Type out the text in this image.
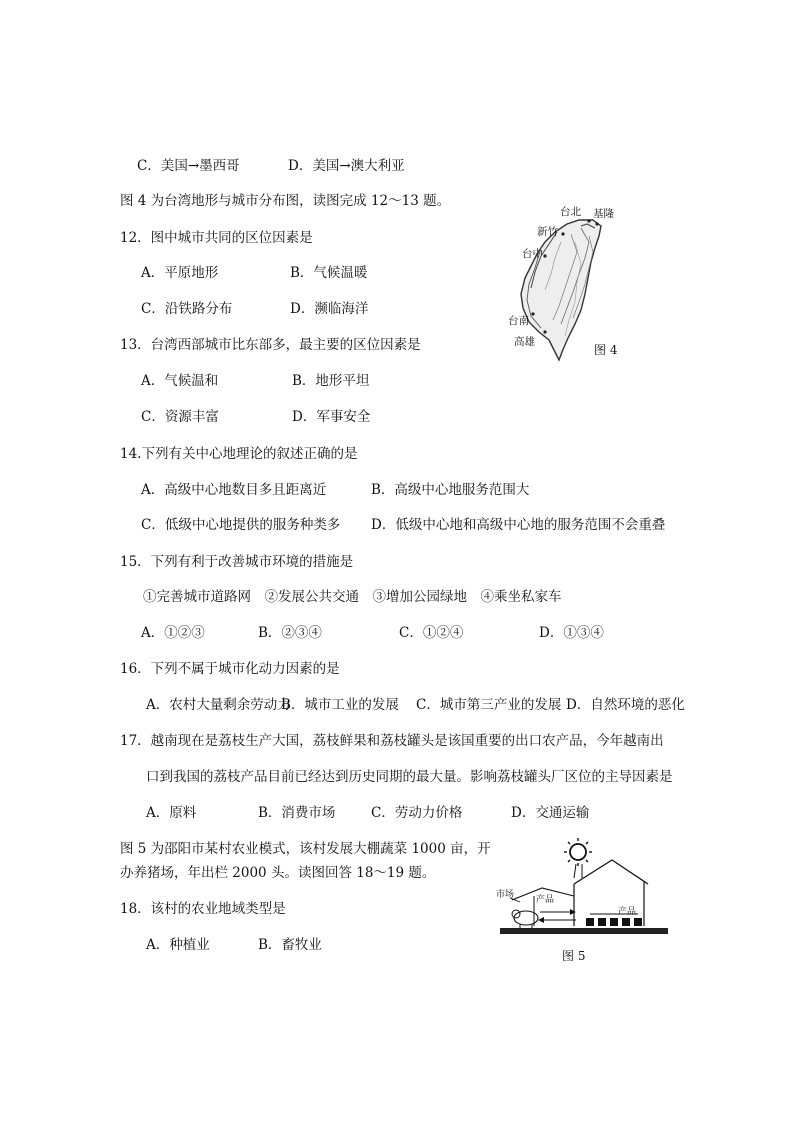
C．美国→墨西哥	D．美国→澳大利亚
图 4 为台湾地形与城市分布图，读图完成 12～13 题。
12．图中城市共同的区位因素是
A．平原地形	B．气候温暖
C．沿铁路分布	D．濒临海洋
13．台湾西部城市比东部多，最主要的区位因素是
A．气候温和	B．地形平坦
C．资源丰富	D．军事安全
台北 基隆
新竹
台中
台南
高雄
图 4
14.下列有关中心地理论的叙述正确的是
A．高级中心地数目多且距离近	B．高级中心地服务范围大
C．低级中心地提供的服务种类多 D．低级中心地和高级中心地的服务范围不会重叠
15．下列有利于改善城市环境的措施是
①完善城市道路网　②发展公共交通　③增加公园绿地　④乘坐私家车
A．①②③	B．②③④	C．①②④	D．①③④
16．下列不属于城市化动力因素的是
A．农村大量剩余劳动力
B．城市工业的发展 C．城市第三产业的发展 D．自然环境的恶化
17．越南现在是荔枝生产大国，荔枝鲜果和荔枝罐头是该国重要的出口农产品，今年越南出
口到我国的荔枝产品目前已经达到历史同期的最大量。影响荔枝罐头厂区位的主导因素是
A．原料	B．消费市场	C．劳动力价格	D．交通运输
图 5 为邵阳市某村农业模式，该村发展大棚蔬菜 1000 亩，开
办养猪场，年出栏 2000 头。读图回答 18～19 题。
市场 产品
产品
图 5
18．该村的农业地域类型是
A．种植业	B．畜牧业
